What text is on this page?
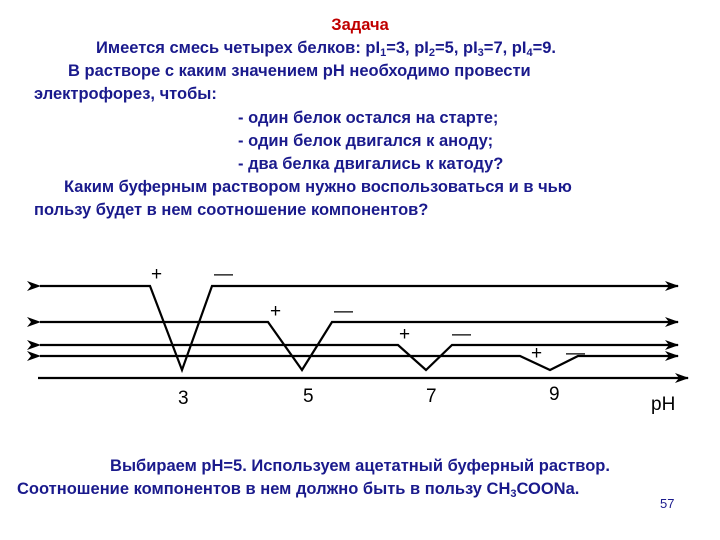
Задача
Имеется смесь четырех белков: $pI_1=3$, $pI_2=5$, $pI_3=7$, $pI_4=9$.
В растворе с каким значением рН необходимо провести
электрофорез, чтобы:
- один белок остался на старте;
- один белок двигался к аноду;
- два белка двигались к катоду?
Каким буферным раствором нужно воспользоваться и в чью
пользу будет в нем соотношение компонентов?
+	—
+	—
+ —
+ —
3	5	7	9	pH
Выбираем рН=5. Используем ацетатный буферный раствор.
Соотношение компонентов в нем должно быть в пользу $СН_3СООNa$.
57
